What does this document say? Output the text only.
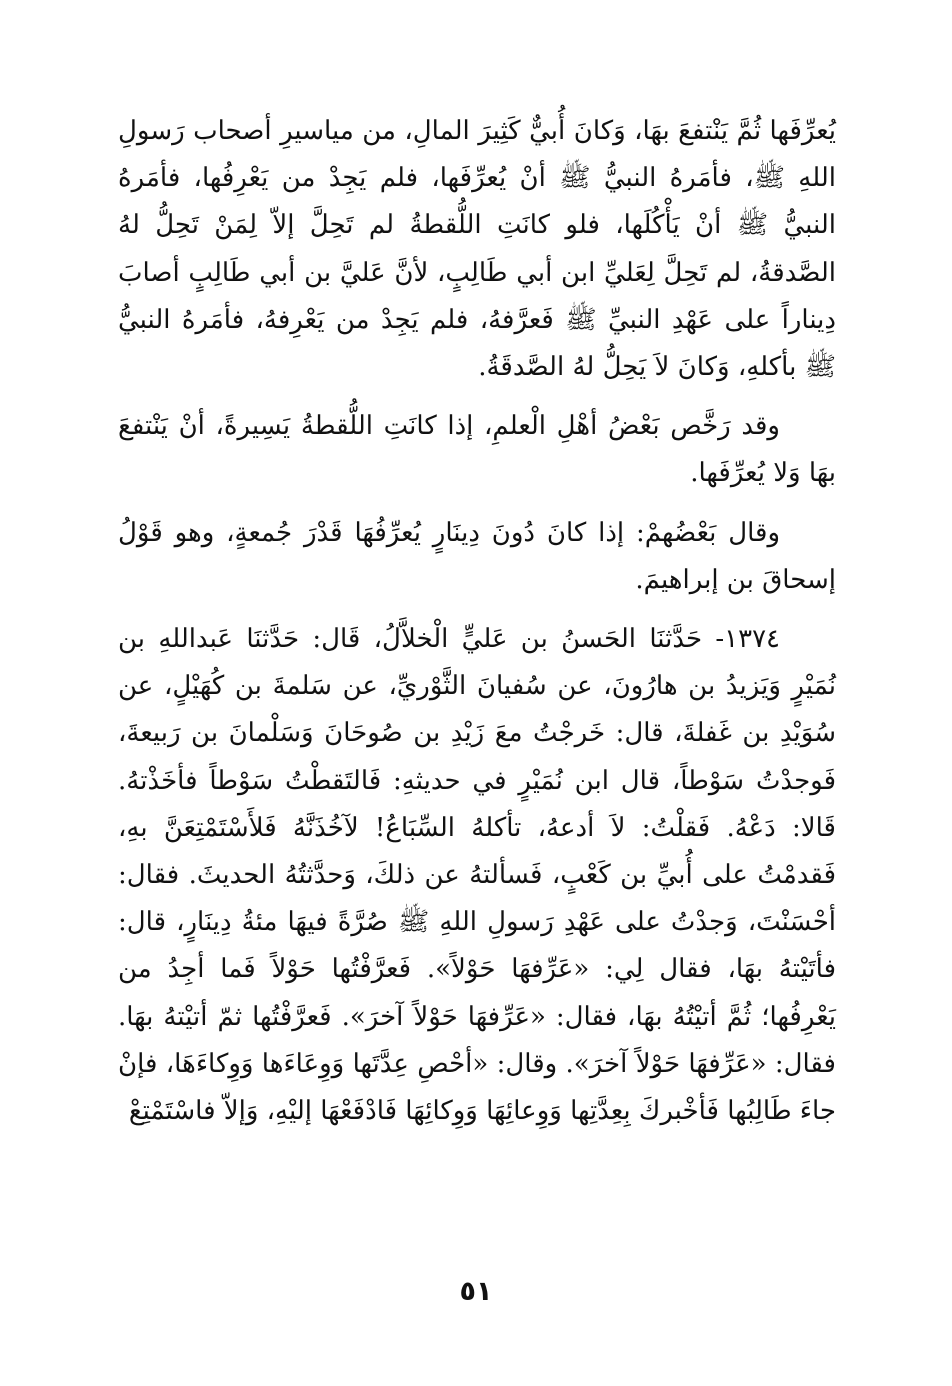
يُعرِّفَها ثُمَّ يَنْتفعَ بهَا، وَكانَ أُبيٌّ كَثِيرَ المالِ، من مياسيرِ أصحاب رَسولِ اللهِ ﷺ، فأمَرهُ النبيُّ ﷺ أنْ يُعرِّفَها، فلم يَجِدْ من يَعْرِفُها، فأمَرهُ النبيُّ ﷺ أنْ يَأْكُلَها، فلو كانَتِ اللُّقطةُ لم تَحِلَّ إلاّ لِمَنْ تَحِلُّ لهُ الصَّدقةُ، لم تَحِلَّ لِعَليِّ ابن أبي طَالِبٍ، لأنَّ عَليَّ بن أبي طَالِبٍ أصابَ دِيناراً على عَهْدِ النبيِّ ﷺ فَعرَّفهُ، فلم يَجِدْ من يَعْرِفهُ، فأمَرهُ النبيُّ ﷺ بأكلهِ، وَكانَ لاَ يَحِلُّ لهُ الصَّدقَةُ.

وقد رَخَّص بَعْضُ أهْلِ الْعلمِ، إذا كانَتِ اللُّقطةُ يَسِيرةً، أنْ يَنْتفعَ بهَا وَلا يُعرِّفَها.

وقال بَعْضُهمْ: إذا كانَ دُونَ دِينَارٍ يُعرِّفُهَا قَدْرَ جُمعةٍ، وهو قَوْلُ إسحاقَ بن إبراهيمَ.

١٣٧٤- حَدَّثنَا الحَسنُ بن عَليٍّ الْخلاَّلُ، قَال: حَدَّثنَا عَبداللهِ بن نُمَيْرٍ وَيَزيدُ بن هارُونَ، عن سُفيانَ الثَّوْريِّ، عن سَلمةَ بن كُهَيْلٍ، عن سُوَيْدِ بن غَفلةَ، قال: خَرجْتُ معَ زَيْدِ بن صُوحَانَ وَسَلْمانَ بن رَبيعةَ، فَوجدْتُ سَوْطاً، قال ابن نُمَيْرٍ في حديثهِ: فَالتَقطْتُ سَوْطاً فأخَذْتهُ. قَالا: دَعْهُ. فَقلْتُ: لاَ أدعهُ، تأكلهُ السِّبَاعُ! لآخُذَنَّهُ فَلأَسْتَمْتِعَنَّ بهِ، فَقدمْتُ على أُبيِّ بن كَعْبٍ، فَسألتهُ عن ذلكَ، وَحدَّثتُهُ الحديثَ. فقال: أحْسَنْتَ، وَجدْتُ على عَهْدِ رَسولِ اللهِ ﷺ صُرَّةً فيهَا مئةُ دِينَارٍ، قال: فأتَيْتهُ بهَا، فقال لِي: «عَرِّفهَا حَوْلاً». فَعرَّفْتُها حَوْلاً فَما أجِدُ من يَعْرِفُها؛ ثُمَّ أتيْتُهُ بهَا، فقال: «عَرِّفهَا حَوْلاً آخرَ». فَعرَّفْتُها ثمّ أتيْتهُ بهَا. فقال: «عَرِّفهَا حَوْلاً آخرَ». وقال: «أحْصِ عِدَّتَها وَوِعَاءَها وَوِكاءَهَا، فإنْ جاءَ طَالِبُها فَأخْبركَ بِعِدَّتِها وَوِعائِهَا وَوِكائِهَا فَادْفَعْهَا إليْهِ، وَإلاّ فاسْتَمْتِعْ

٥١
